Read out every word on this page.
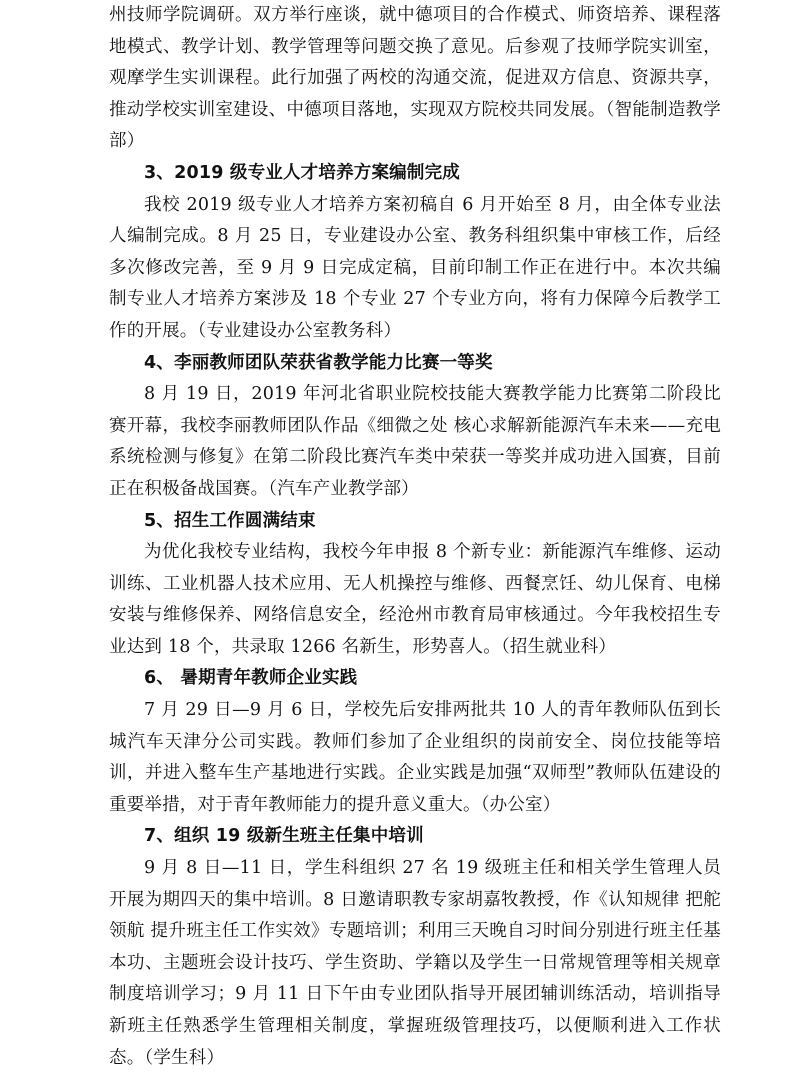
州技师学院调研。双方举行座谈，就中德项目的合作模式、师资培养、课程落地模式、教学计划、教学管理等问题交换了意见。后参观了技师学院实训室，观摩学生实训课程。此行加强了两校的沟通交流，促进双方信息、资源共享，推动学校实训室建设、中德项目落地，实现双方院校共同发展。（智能制造教学部）

3、2019 级专业人才培养方案编制完成

我校 2019 级专业人才培养方案初稿自 6 月开始至 8 月，由全体专业法人编制完成。8 月 25 日，专业建设办公室、教务科组织集中审核工作，后经多次修改完善，至 9 月 9 日完成定稿，目前印制工作正在进行中。本次共编制专业人才培养方案涉及 18 个专业 27 个专业方向，将有力保障今后教学工作的开展。（专业建设办公室教务科）

4、李丽教师团队荣获省教学能力比赛一等奖

8 月 19 日，2019 年河北省职业院校技能大赛教学能力比赛第二阶段比赛开幕，我校李丽教师团队作品《细微之处 核心求解新能源汽车未来——充电系统检测与修复》在第二阶段比赛汽车类中荣获一等奖并成功进入国赛，目前正在积极备战国赛。（汽车产业教学部）

5、招生工作圆满结束

为优化我校专业结构，我校今年申报 8 个新专业：新能源汽车维修、运动训练、工业机器人技术应用、无人机操控与维修、西餐烹饪、幼儿保育、电梯安装与维修保养、网络信息安全，经沧州市教育局审核通过。今年我校招生专业达到 18 个，共录取 1266 名新生，形势喜人。（招生就业科）

6、 暑期青年教师企业实践

7 月 29 日—9 月 6 日，学校先后安排两批共 10 人的青年教师队伍到长城汽车天津分公司实践。教师们参加了企业组织的岗前安全、岗位技能等培训，并进入整车生产基地进行实践。企业实践是加强“双师型”教师队伍建设的重要举措，对于青年教师能力的提升意义重大。（办公室）

7、组织 19 级新生班主任集中培训

9 月 8 日—11 日，学生科组织 27 名 19 级班主任和相关学生管理人员开展为期四天的集中培训。8 日邀请职教专家胡嘉牧教授，作《认知规律 把舵领航 提升班主任工作实效》专题培训；利用三天晚自习时间分别进行班主任基本功、主题班会设计技巧、学生资助、学籍以及学生一日常规管理等相关规章制度培训学习；9 月 11 日下午由专业团队指导开展团辅训练活动，培训指导新班主任熟悉学生管理相关制度，掌握班级管理技巧，以便顺利进入工作状态。（学生科）
